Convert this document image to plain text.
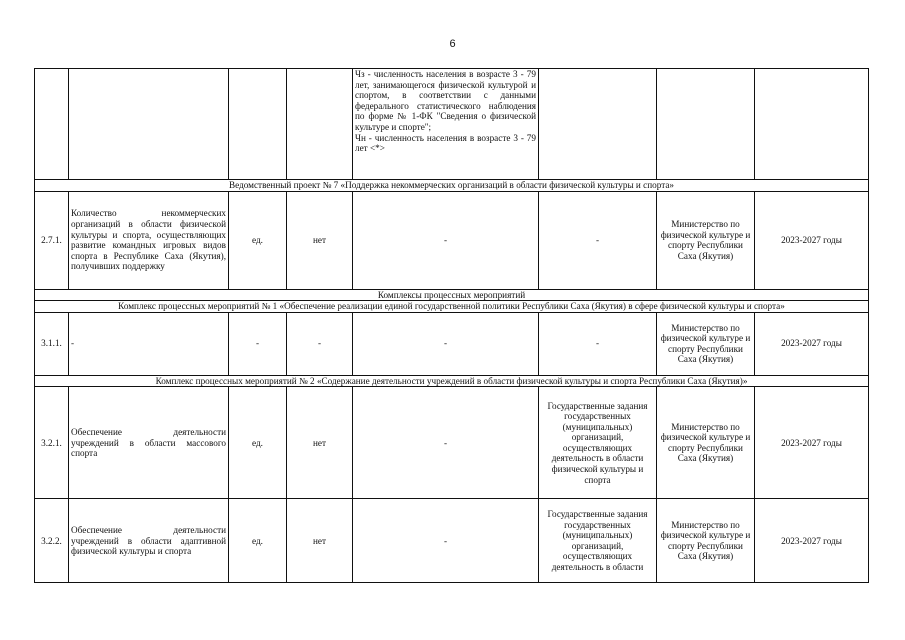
6

				Чз - численность населения в возрасте 3 - 79 лет, занимающегося физической культурой и спортом, в соответствии с данными федерального статистического наблюдения по форме № 1-ФК "Сведения о физической культуре и спорте";
Чн - численность населения в возрасте 3 - 79 лет <*>			

Ведомственный проект № 7 «Поддержка некоммерческих организаций в области физической культуры и спорта»							
2.7.1.	Количество некоммерческих организаций в области физической культуры и спорта, осуществляющих развитие командных игровых видов спорта в Республике Саха (Якутия), получивших поддержку	ед.	нет	-	-	Министерство по физической культуре и спорту Республики Саха (Якутия)	2023-2027 годы
Комплексы процессных мероприятий							
Комплекс процессных мероприятий № 1 «Обеспечение реализации единой государственной политики Республики Саха (Якутия) в сфере физической культуры и спорта»							
3.1.1.	-	-	-	-	-	Министерство по физической культуре и спорту Республики Саха (Якутия)	2023-2027 годы
Комплекс процессных мероприятий № 2 «Содержание деятельности учреждений в области физической культуры и спорта Республики Саха (Якутия)»							
3.2.1.	Обеспечение деятельности учреждений в области массового спорта	ед.	нет	-	Государственные задания государственных (муниципальных) организаций, осуществляющих деятельность в области физической культуры и спорта	Министерство по физической культуре и спорту Республики Саха (Якутия)	2023-2027 годы
3.2.2.	Обеспечение деятельности учреждений в области адаптивной физической культуры и спорта	ед.	нет	-	Государственные задания государственных (муниципальных) организаций, осуществляющих деятельность в области	Министерство по физической культуре и спорту Республики Саха (Якутия)	2023-2027 годы
